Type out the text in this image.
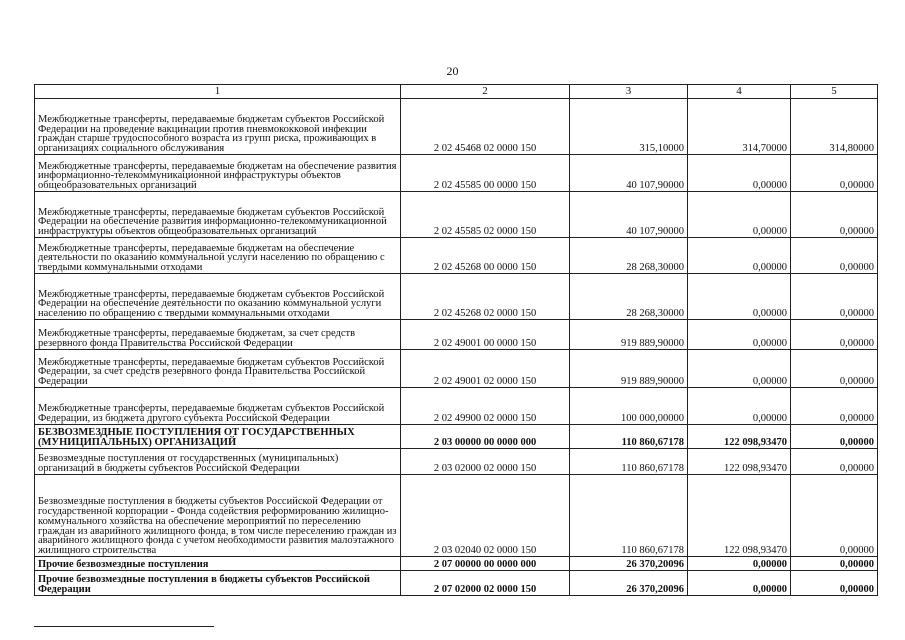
20
1	2	3	4	5
Межбюджетные трансферты, передаваемые бюджетам субъектов Российской Федерации на проведение вакцинации против пневмококковой инфекции граждан старше трудоспособного возраста из групп риска, проживающих в организациях социального обслуживания	2 02 45468 02 0000 150	315,10000	314,70000	314,80000
Межбюджетные трансферты, передаваемые бюджетам на обеспечение развития информационно-телекоммуникационной инфраструктуры объектов общеобразовательных организаций	2 02 45585 00 0000 150	40 107,90000	0,00000	0,00000
Межбюджетные трансферты, передаваемые бюджетам субъектов Российской Федерации на обеспечение развития информационно-телекоммуникационной инфраструктуры объектов общеобразовательных организаций	2 02 45585 02 0000 150	40 107,90000	0,00000	0,00000
Межбюджетные трансферты, передаваемые бюджетам на обеспечение деятельности по оказанию коммунальной услуги населению по обращению с твердыми коммунальными отходами	2 02 45268 00 0000 150	28 268,30000	0,00000	0,00000
Межбюджетные трансферты, передаваемые бюджетам субъектов Российской Федерации на обеспечение деятельности по оказанию коммунальной услуги населению по обращению с твердыми коммунальными отходами	2 02 45268 02 0000 150	28 268,30000	0,00000	0,00000
Межбюджетные трансферты, передаваемые бюджетам, за счет средств резервного фонда Правительства Российской Федерации	2 02 49001 00 0000 150	919 889,90000	0,00000	0,00000
Межбюджетные трансферты, передаваемые бюджетам субъектов Российской Федерации, за счет средств резервного фонда Правительства Российской Федерации	2 02 49001 02 0000 150	919 889,90000	0,00000	0,00000
Межбюджетные трансферты, передаваемые бюджетам субъектов Российской Федерации, из бюджета другого субъекта Российской Федерации	2 02 49900 02 0000 150	100 000,00000	0,00000	0,00000
БЕЗВОЗМЕЗДНЫЕ ПОСТУПЛЕНИЯ ОТ ГОСУДАРСТВЕННЫХ (МУНИЦИПАЛЬНЫХ) ОРГАНИЗАЦИЙ	2 03 00000 00 0000 000	110 860,67178	122 098,93470	0,00000
Безвозмездные поступления от государственных (муниципальных) организаций в бюджеты субъектов Российской Федерации	2 03 02000 02 0000 150	110 860,67178	122 098,93470	0,00000
Безвозмездные поступления в бюджеты субъектов Российской Федерации от государственной корпорации - Фонда содействия реформированию жилищно-коммунального хозяйства на обеспечение мероприятий по переселению граждан из аварийного жилищного фонда, в том числе переселению граждан из аварийного жилищного фонда с учетом необходимости развития малоэтажного жилищного строительства	2 03 02040 02 0000 150	110 860,67178	122 098,93470	0,00000
Прочие безвозмездные поступления	2 07 00000 00 0000 000	26 370,20096	0,00000	0,00000
Прочие безвозмездные поступления в бюджеты субъектов Российской Федерации	2 07 02000 02 0000 150	26 370,20096	0,00000	0,00000
